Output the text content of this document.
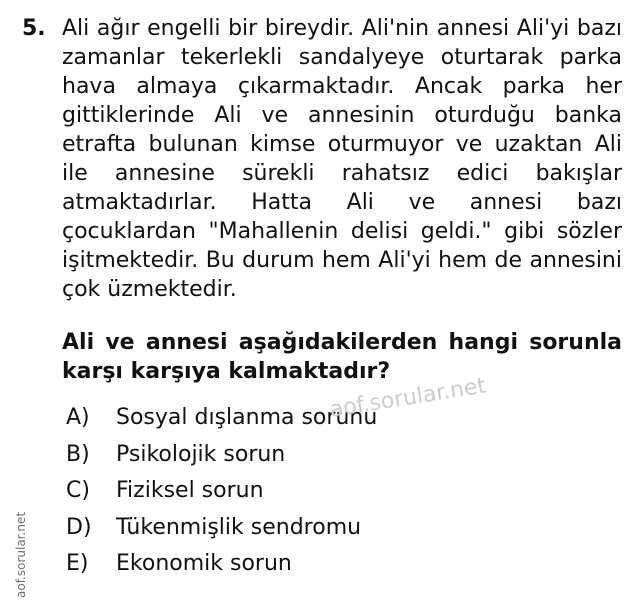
5. Ali ağır engelli bir bireydir. Ali'nin annesi Ali'yi bazı zamanlar tekerlekli sandalyeye oturtarak parka hava almaya çıkarmaktadır. Ancak parka her gittiklerinde Ali ve annesinin oturduğu banka etrafta bulunan kimse oturmuyor ve uzaktan Ali ile annesine sürekli rahatsız edici bakışlar atmaktadırlar. Hatta Ali ve annesi bazı çocuklardan "Mahallenin delisi geldi." gibi sözler işitmektedir. Bu durum hem Ali'yi hem de annesini çok üzmektedir.

Ali ve annesi aşağıdakilerden hangi sorunla karşı karşıya kalmaktadır?

A)	Sosyal dışlanma sorunu
B)	Psikolojik sorun
C)	Fiziksel sorun
D)	Tükenmişlik sendromu
E)	Ekonomik sorun
aof.sorular.net
aof.sorular.net
